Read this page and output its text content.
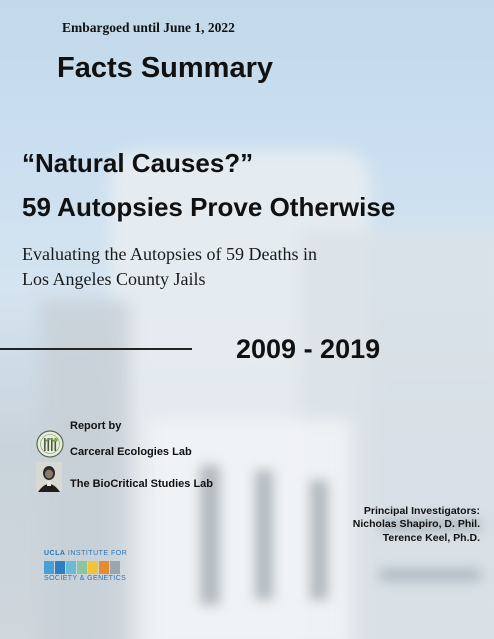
Embargoed until June 1, 2022
Facts Summary
“Natural Causes?”
59 Autopsies Prove Otherwise
Evaluating the Autopsies of 59 Deaths in
Los Angeles County Jails
2009 - 2019
Report by
Carceral Ecologies Lab
The BioCritical Studies Lab
Principal Investigators:
Nicholas Shapiro, D. Phil.
Terence Keel, Ph.D.
UCLA INSTITUTE FOR
SOCIETY & GENETICS
